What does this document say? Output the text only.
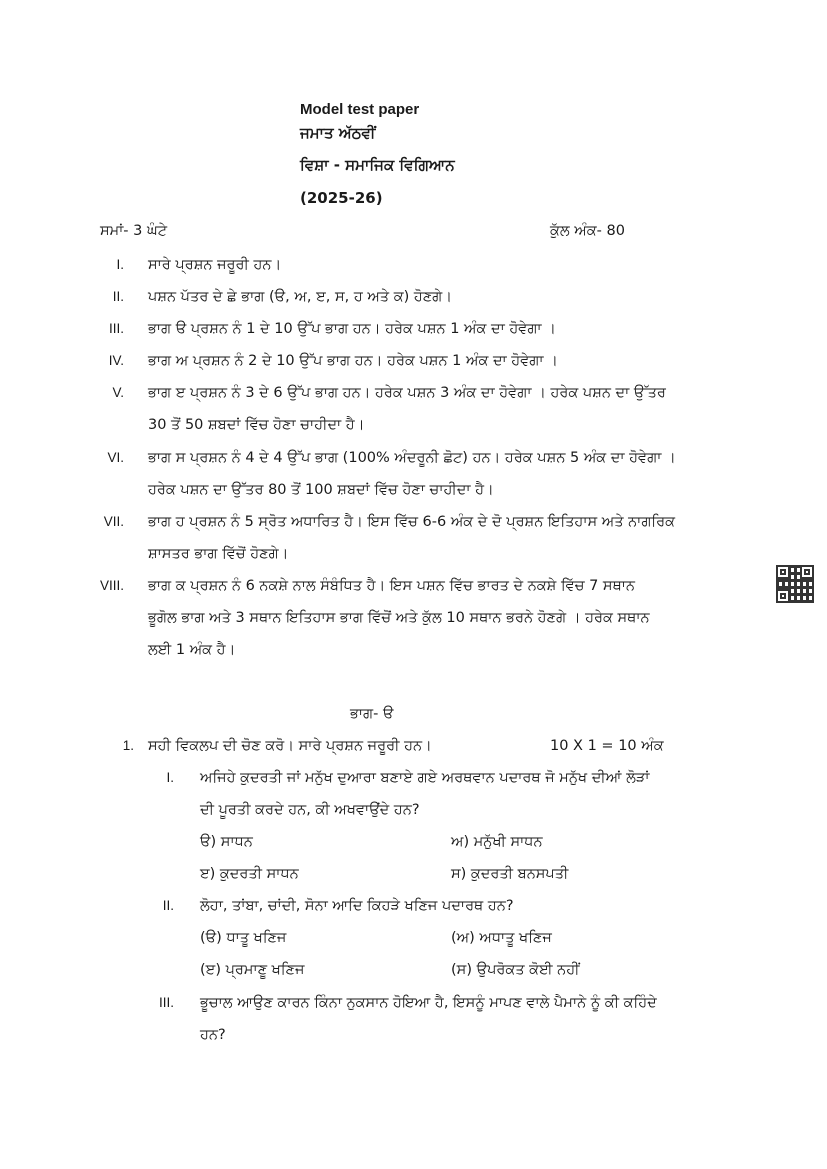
Model test paper
ਜਮਾਤ ਅੱਠਵੀਂ
ਵਿਸ਼ਾ - ਸਮਾਜਿਕ ਵਿਗਿਆਨ
(2025-26)
ਸਮਾਂ- 3 ਘੰਟੇ	ਕੁੱਲ ਅੰਕ- 80
I. ਸਾਰੇ ਪ੍ਰਸ਼ਨ ਜਰੂਰੀ ਹਨ।
II. ਪਸ਼ਨ ਪੱਤਰ ਦੇ ਛੇ ਭਾਗ (ੳ, ਅ, ੲ, ਸ, ਹ ਅਤੇ ਕ) ਹੋਣਗੇ।
III. ਭਾਗ ੳ ਪ੍ਰਸ਼ਨ ਨੰ 1 ਦੇ 10 ਉੱਪ ਭਾਗ ਹਨ। ਹਰੇਕ ਪਸ਼ਨ 1 ਅੰਕ ਦਾ ਹੋਵੇਗਾ ।
IV. ਭਾਗ ਅ ਪ੍ਰਸ਼ਨ ਨੰ 2 ਦੇ 10 ਉੱਪ ਭਾਗ ਹਨ। ਹਰੇਕ ਪਸ਼ਨ 1 ਅੰਕ ਦਾ ਹੋਵੇਗਾ ।
V. ਭਾਗ ੲ ਪ੍ਰਸ਼ਨ ਨੰ 3 ਦੇ 6 ਉੱਪ ਭਾਗ ਹਨ। ਹਰੇਕ ਪਸ਼ਨ 3 ਅੰਕ ਦਾ ਹੋਵੇਗਾ । ਹਰੇਕ ਪਸ਼ਨ ਦਾ ਉੱਤਰ
30 ਤੋਂ 50 ਸ਼ਬਦਾਂ ਵਿੱਚ ਹੋਣਾ ਚਾਹੀਦਾ ਹੈ।
VI. ਭਾਗ ਸ ਪ੍ਰਸ਼ਨ ਨੰ 4 ਦੇ 4 ਉੱਪ ਭਾਗ (100% ਅੰਦਰੂਨੀ ਛੋਟ) ਹਨ। ਹਰੇਕ ਪਸ਼ਨ 5 ਅੰਕ ਦਾ ਹੋਵੇਗਾ ।
ਹਰੇਕ ਪਸ਼ਨ ਦਾ ਉੱਤਰ 80 ਤੋਂ 100 ਸ਼ਬਦਾਂ ਵਿੱਚ ਹੋਣਾ ਚਾਹੀਦਾ ਹੈ।
VII. ਭਾਗ ਹ ਪ੍ਰਸ਼ਨ ਨੰ 5 ਸ੍ਰੋਤ ਅਧਾਰਿਤ ਹੈ। ਇਸ ਵਿੱਚ 6-6 ਅੰਕ ਦੇ ਦੋ ਪ੍ਰਸ਼ਨ ਇਤਿਹਾਸ ਅਤੇ ਨਾਗਰਿਕ
ਸ਼ਾਸਤਰ ਭਾਗ ਵਿੱਚੋਂ ਹੋਣਗੇ।
VIII. ਭਾਗ ਕ ਪ੍ਰਸ਼ਨ ਨੰ 6 ਨਕਸ਼ੇ ਨਾਲ ਸੰਬੰਧਿਤ ਹੈ। ਇਸ ਪਸ਼ਨ ਵਿੱਚ ਭਾਰਤ ਦੇ ਨਕਸ਼ੇ ਵਿੱਚ 7 ਸਥਾਨ
ਭੂਗੋਲ ਭਾਗ ਅਤੇ 3 ਸਥਾਨ ਇਤਿਹਾਸ ਭਾਗ ਵਿੱਚੋਂ ਅਤੇ ਕੁੱਲ 10 ਸਥਾਨ ਭਰਨੇ ਹੋਣਗੇ । ਹਰੇਕ ਸਥਾਨ
ਲਈ 1 ਅੰਕ ਹੈ।
ਭਾਗ- ੳ
1. ਸਹੀ ਵਿਕਲਪ ਦੀ ਚੋਣ ਕਰੋ। ਸਾਰੇ ਪ੍ਰਸ਼ਨ ਜਰੂਰੀ ਹਨ।	10 X 1 = 10 ਅੰਕ
I. ਅਜਿਹੇ ਕੁਦਰਤੀ ਜਾਂ ਮਨੁੱਖ ਦੁਆਰਾ ਬਣਾਏ ਗਏ ਅਰਥਵਾਨ ਪਦਾਰਥ ਜੋ ਮਨੁੱਖ ਦੀਆਂ ਲੋੜਾਂ
ਦੀ ਪੂਰਤੀ ਕਰਦੇ ਹਨ, ਕੀ ਅਖਵਾਉਂਦੇ ਹਨ?
ੳ) ਸਾਧਨ	ਅ) ਮਨੁੱਖੀ ਸਾਧਨ
ੲ) ਕੁਦਰਤੀ ਸਾਧਨ	ਸ) ਕੁਦਰਤੀ ਬਨਸਪਤੀ
II. ਲੋਹਾ, ਤਾਂਬਾ, ਚਾਂਦੀ, ਸੋਨਾ ਆਦਿ ਕਿਹੜੇ ਖਣਿਜ ਪਦਾਰਥ ਹਨ?
(ੳ) ਧਾਤੂ ਖਣਿਜ	(ਅ) ਅਧਾਤੂ ਖਣਿਜ
(ੲ) ਪ੍ਰਮਾਣੂ ਖਣਿਜ	(ਸ) ਉਪਰੋਕਤ ਕੋਈ ਨਹੀਂ
III. ਭੂਚਾਲ ਆਉਣ ਕਾਰਨ ਕਿੰਨਾ ਨੁਕਸਾਨ ਹੋਇਆ ਹੈ, ਇਸਨੂੰ ਮਾਪਣ ਵਾਲੇ ਪੈਮਾਨੇ ਨੂੰ ਕੀ ਕਹਿੰਦੇ
ਹਨ?
